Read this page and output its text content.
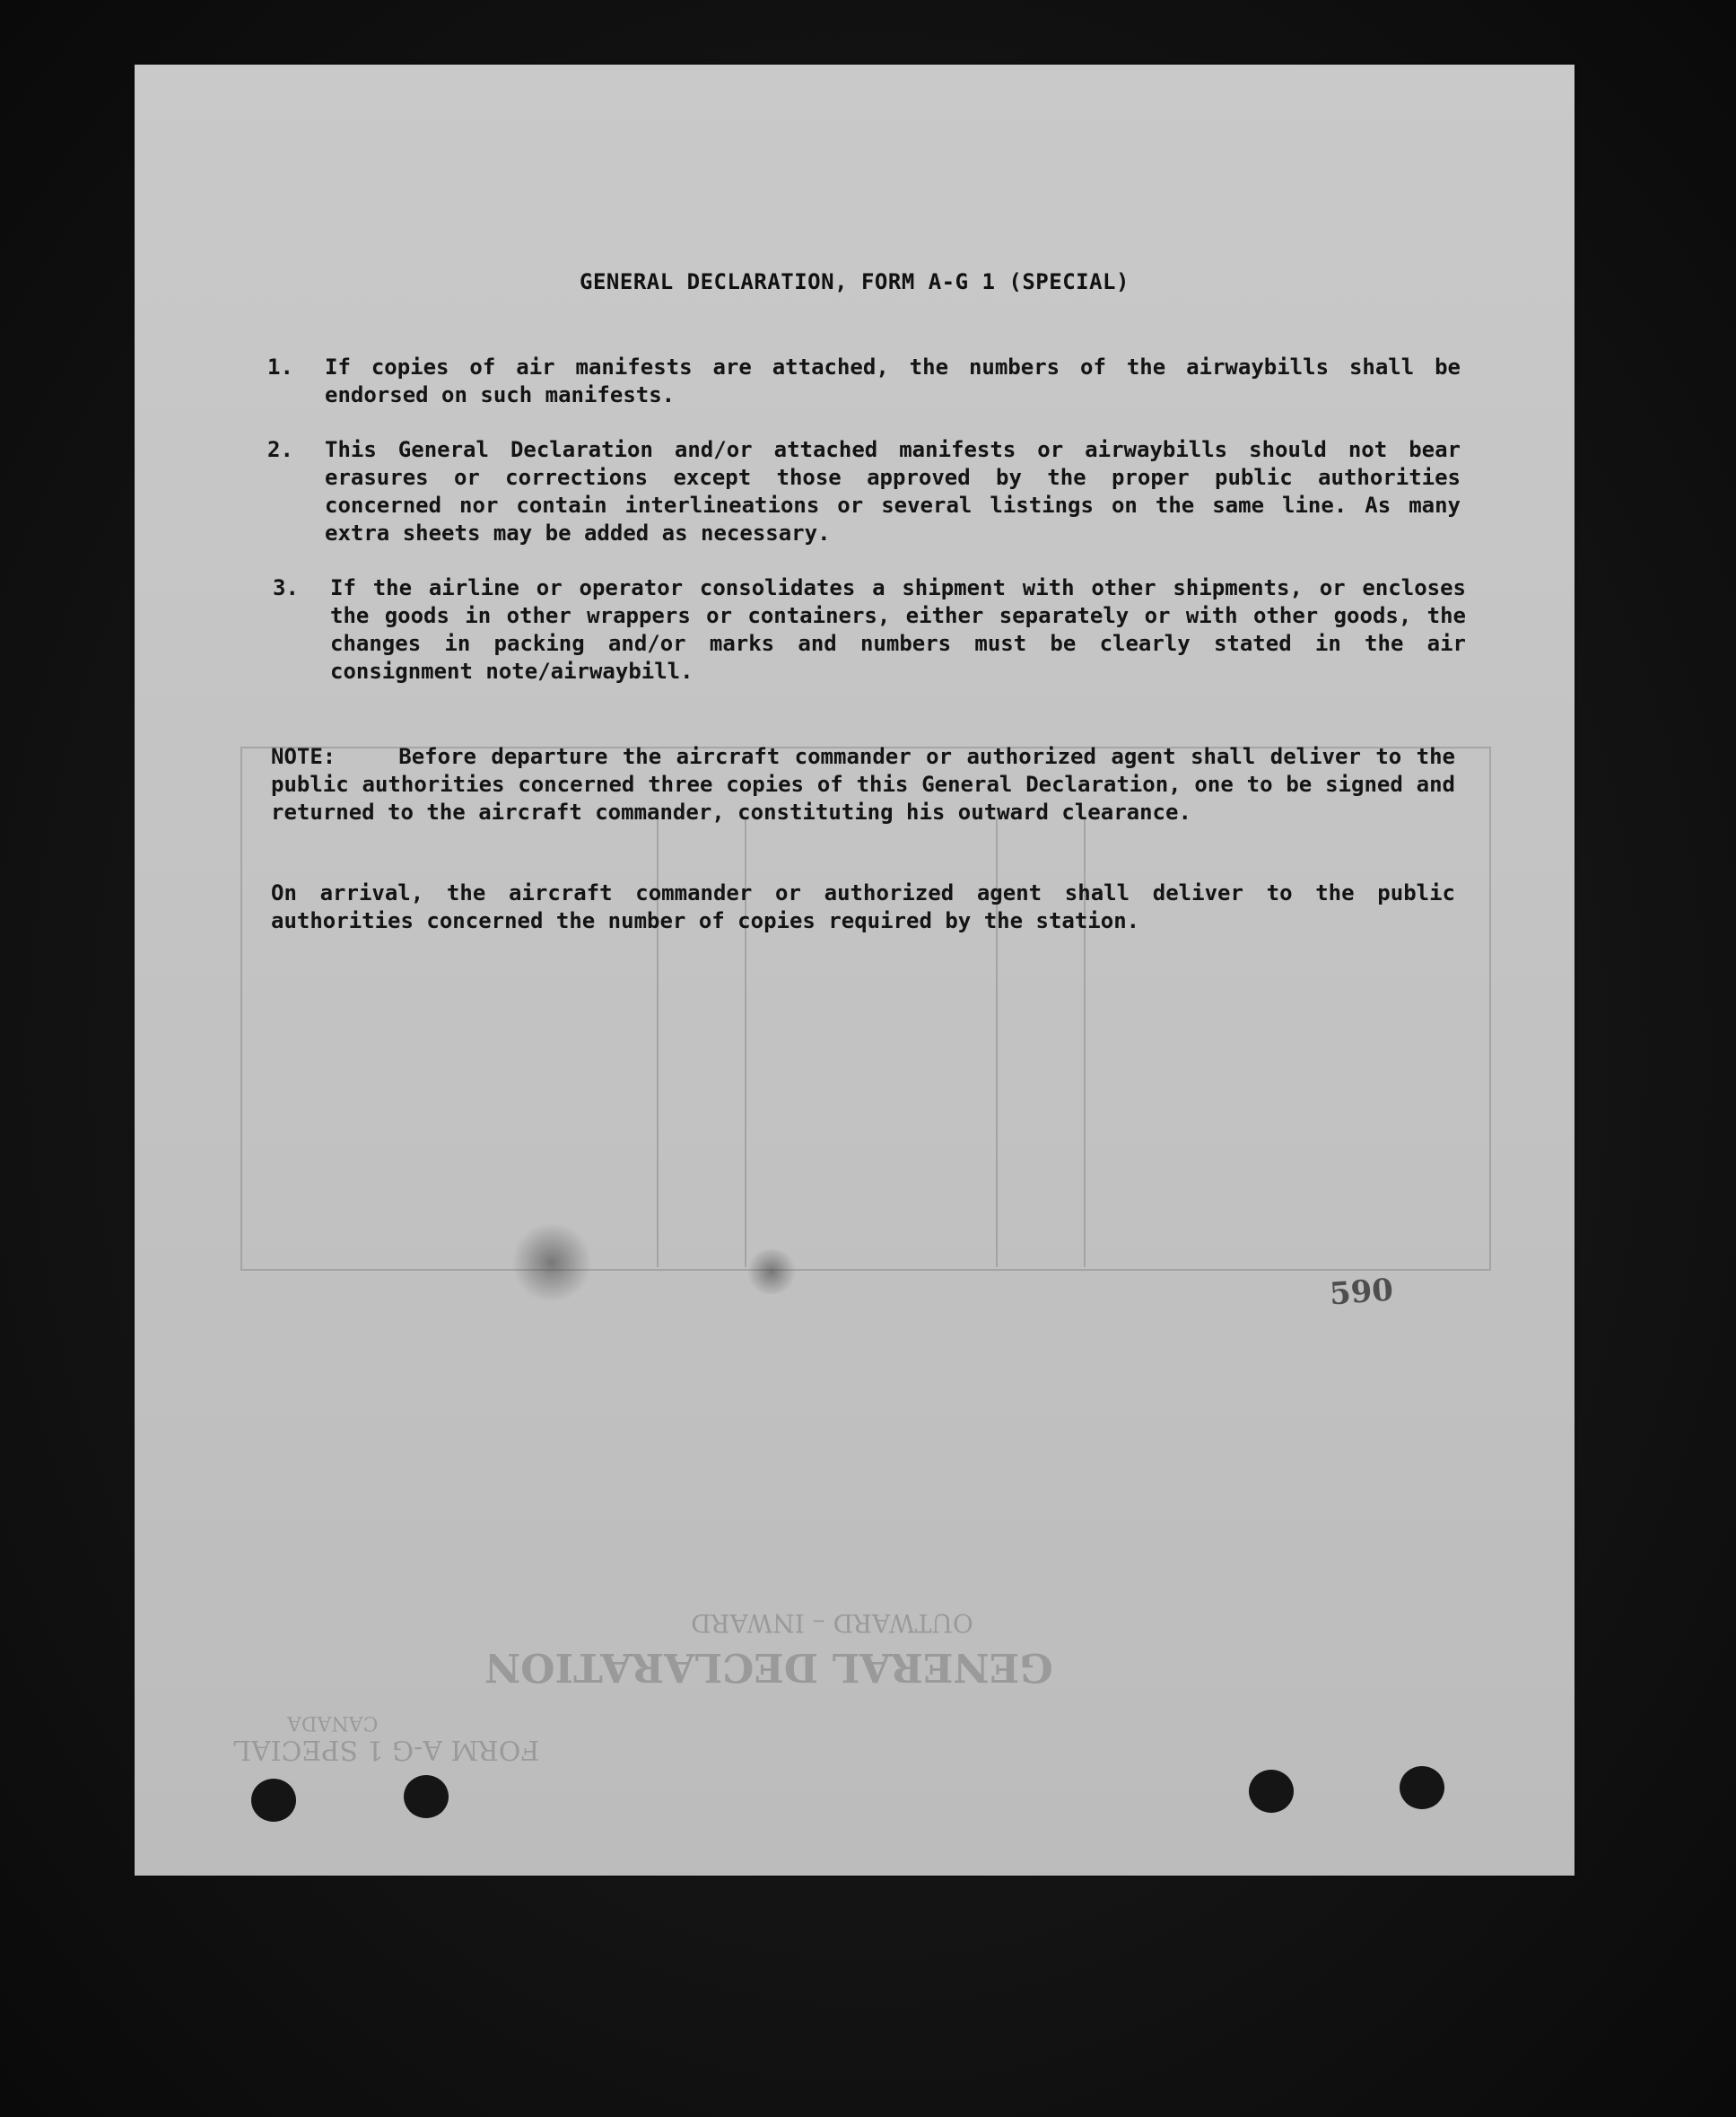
GENERAL DECLARATION
OUTWARD – INWARD
FORM A-G 1 SPECIAL
CANADA
GENERAL DECLARATION, FORM A-G 1 (SPECIAL)
1.	If copies of air manifests are attached, the numbers of the airwaybills shall be endorsed on such manifests.
2.	This General Declaration and/or attached manifests or airwaybills should not bear erasures or corrections except those approved by the proper public authorities concerned nor contain interlineations or several listings on the same line. As many extra sheets may be added as necessary.
3.	If the airline or operator consolidates a shipment with other shipments, or encloses the goods in other wrappers or containers, either separately or with other goods, the changes in packing and/or marks and numbers must be clearly stated in the air consignment note/airwaybill.
NOTE:	Before departure the aircraft commander or authorized agent shall deliver to the public authorities concerned three copies of this General Declaration, one to be signed and returned to the aircraft commander, constituting his outward clearance.
On arrival, the aircraft commander or authorized agent shall deliver to the public authorities concerned the number of copies required by the station.
590
